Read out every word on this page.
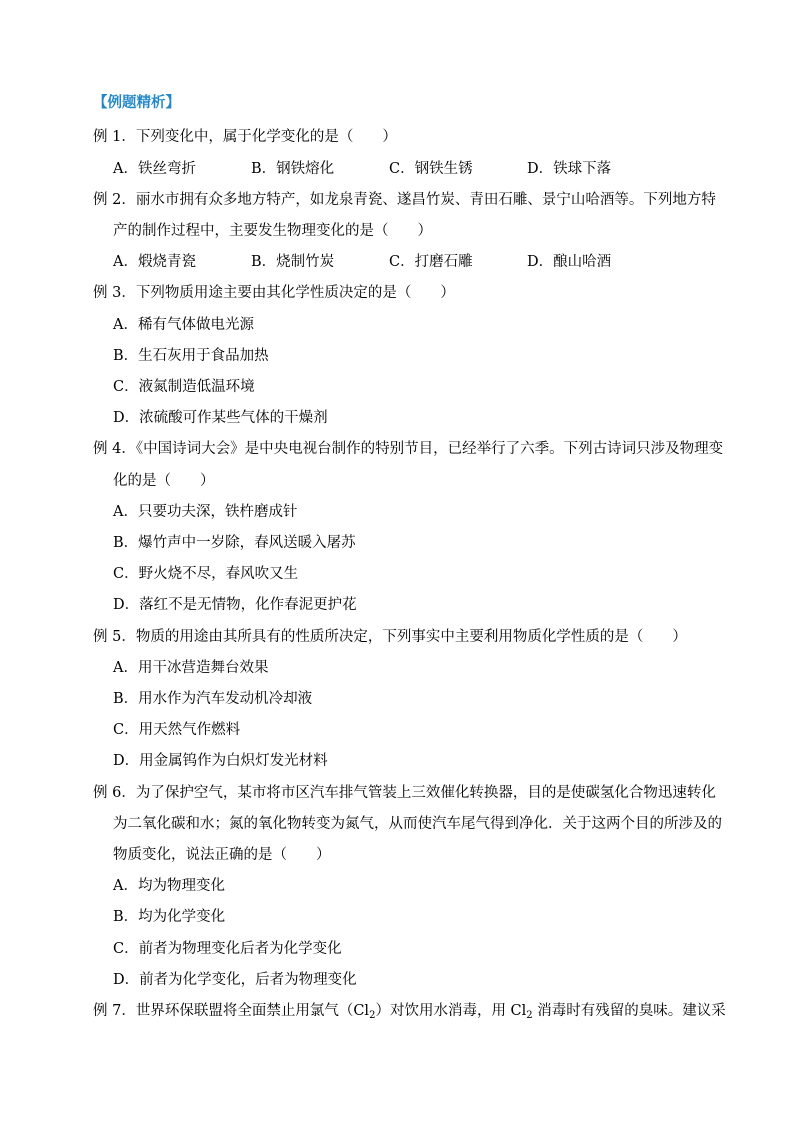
【例题精析】
例 1．下列变化中，属于化学变化的是（　　）
A．铁丝弯折	B．钢铁熔化	C．钢铁生锈	D．铁球下落
例 2．丽水市拥有众多地方特产，如龙泉青瓷、遂昌竹炭、青田石雕、景宁山哈酒等。下列地方特
产的制作过程中，主要发生物理变化的是（　　）
A．煅烧青瓷	B．烧制竹炭	C．打磨石雕	D．酿山哈酒
例 3．下列物质用途主要由其化学性质决定的是（　　）
A．稀有气体做电光源
B．生石灰用于食品加热
C．液氮制造低温环境
D．浓硫酸可作某些气体的干燥剂
例 4．《中国诗词大会》是中央电视台制作的特别节目，已经举行了六季。下列古诗词只涉及物理变
化的是（　　）
A．只要功夫深，铁杵磨成针
B．爆竹声中一岁除，春风送暖入屠苏
C．野火烧不尽，春风吹又生
D．落红不是无情物，化作春泥更护花
例 5．物质的用途由其所具有的性质所决定，下列事实中主要利用物质化学性质的是（　　）
A．用干冰营造舞台效果
B．用水作为汽车发动机冷却液
C．用天然气作燃料
D．用金属钨作为白炽灯发光材料
例 6．为了保护空气，某市将市区汽车排气管装上三效催化转换器，目的是使碳氢化合物迅速转化
为二氧化碳和水；氮的氧化物转变为氮气，从而使汽车尾气得到净化．关于这两个目的所涉及的
物质变化，说法正确的是（　　）
A．均为物理变化
B．均为化学变化
C．前者为物理变化后者为化学变化
D．前者为化学变化，后者为物理变化
例 7．世界环保联盟将全面禁止用氯气$(Cl_2)$对饮用水消毒，用 $Cl_2$ 消毒时有残留的臭味。建议采
